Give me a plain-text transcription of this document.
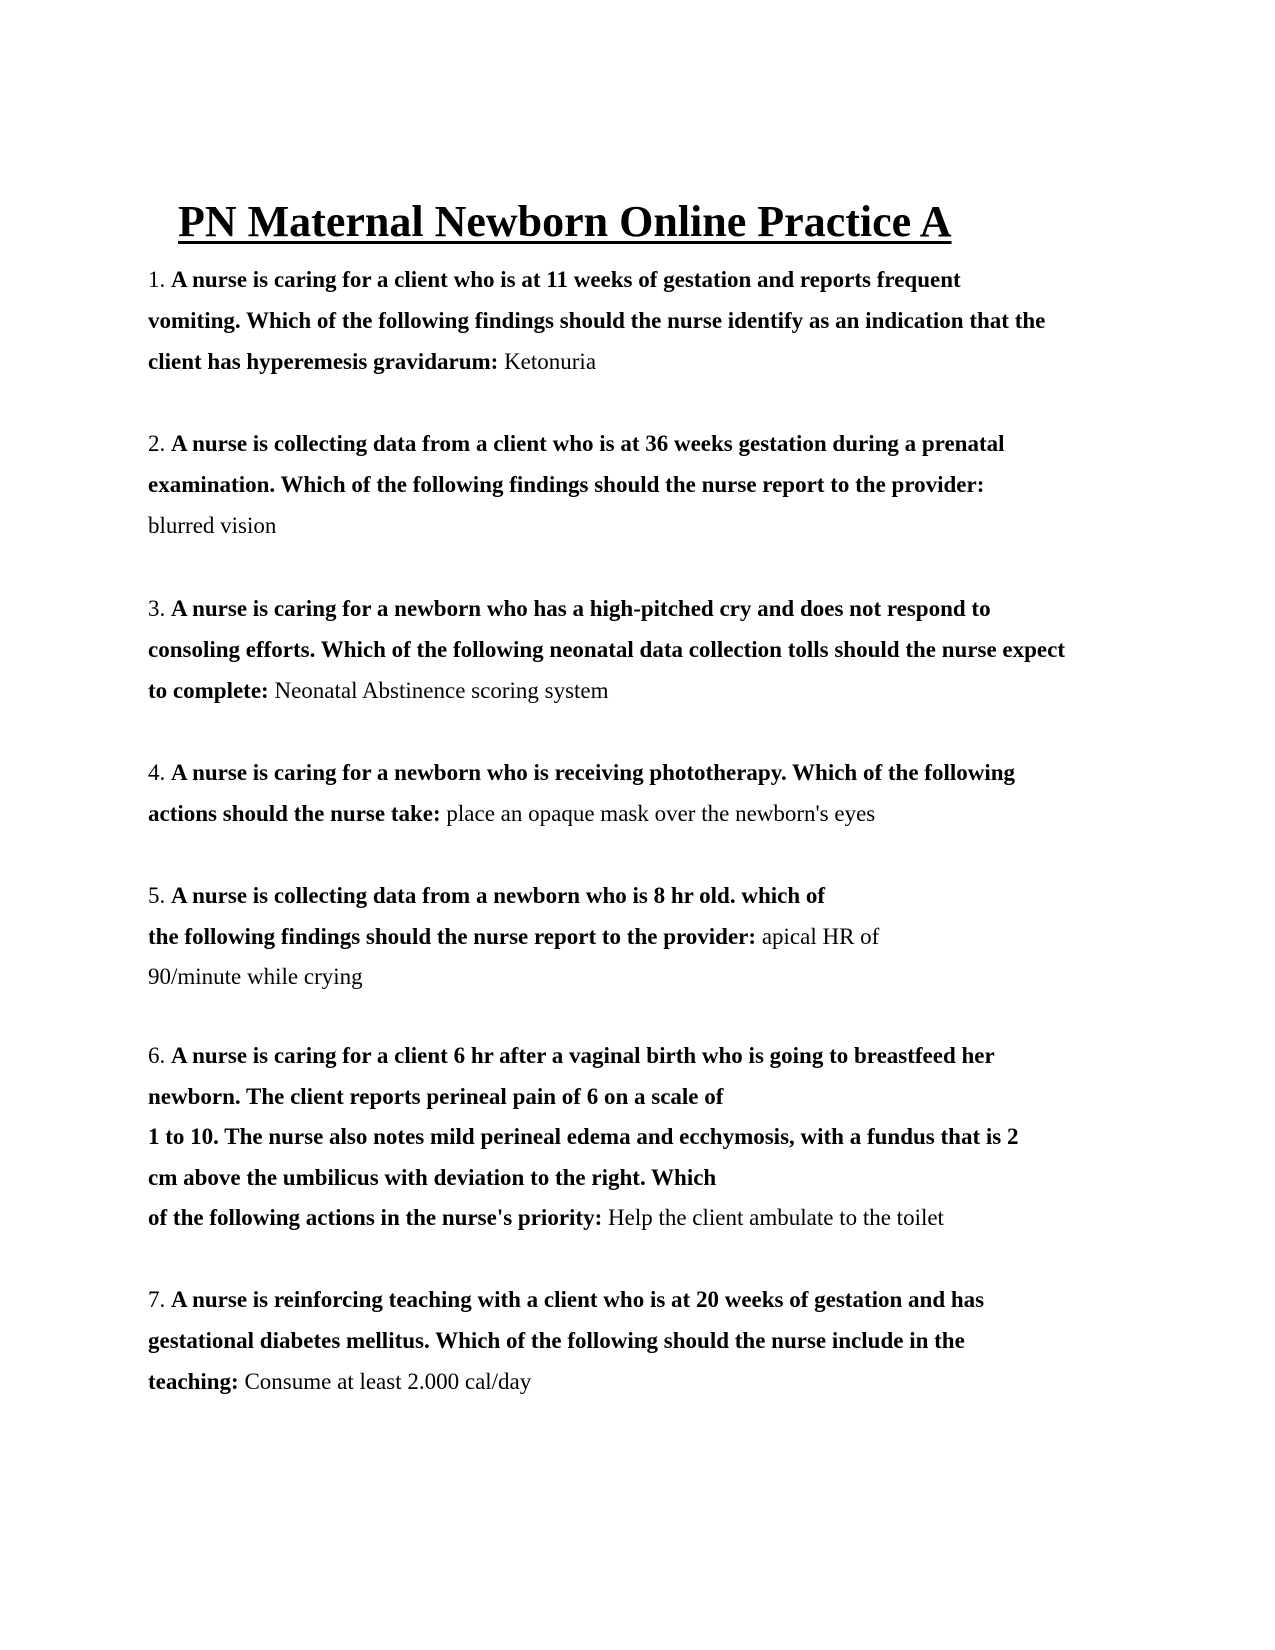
PN Maternal Newborn Online Practice A
1. A nurse is caring for a client who is at 11 weeks of gestation and reports frequent
vomiting. Which of the following findings should the nurse identify as an indication that the
client has hyperemesis gravidarum: Ketonuria
2. A nurse is collecting data from a client who is at 36 weeks gestation during a prenatal
examination. Which of the following findings should the nurse report to the provider:
blurred vision
3. A nurse is caring for a newborn who has a high-pitched cry and does not respond to
consoling efforts. Which of the following neonatal data collection tolls should the nurse expect
to complete: Neonatal Abstinence scoring system
4. A nurse is caring for a newborn who is receiving phototherapy. Which of the following
actions should the nurse take: place an opaque mask over the newborn's eyes
5. A nurse is collecting data from a newborn who is 8 hr old. which of
the following findings should the nurse report to the provider: apical HR of
90/minute while crying
6. A nurse is caring for a client 6 hr after a vaginal birth who is going to breastfeed her
newborn. The client reports perineal pain of 6 on a scale of
1 to 10. The nurse also notes mild perineal edema and ecchymosis, with a fundus that is 2
cm above the umbilicus with deviation to the right. Which
of the following actions in the nurse's priority: Help the client ambulate to the toilet
7. A nurse is reinforcing teaching with a client who is at 20 weeks of gestation and has
gestational diabetes mellitus. Which of the following should the nurse include in the
teaching: Consume at least 2.000 cal/day
